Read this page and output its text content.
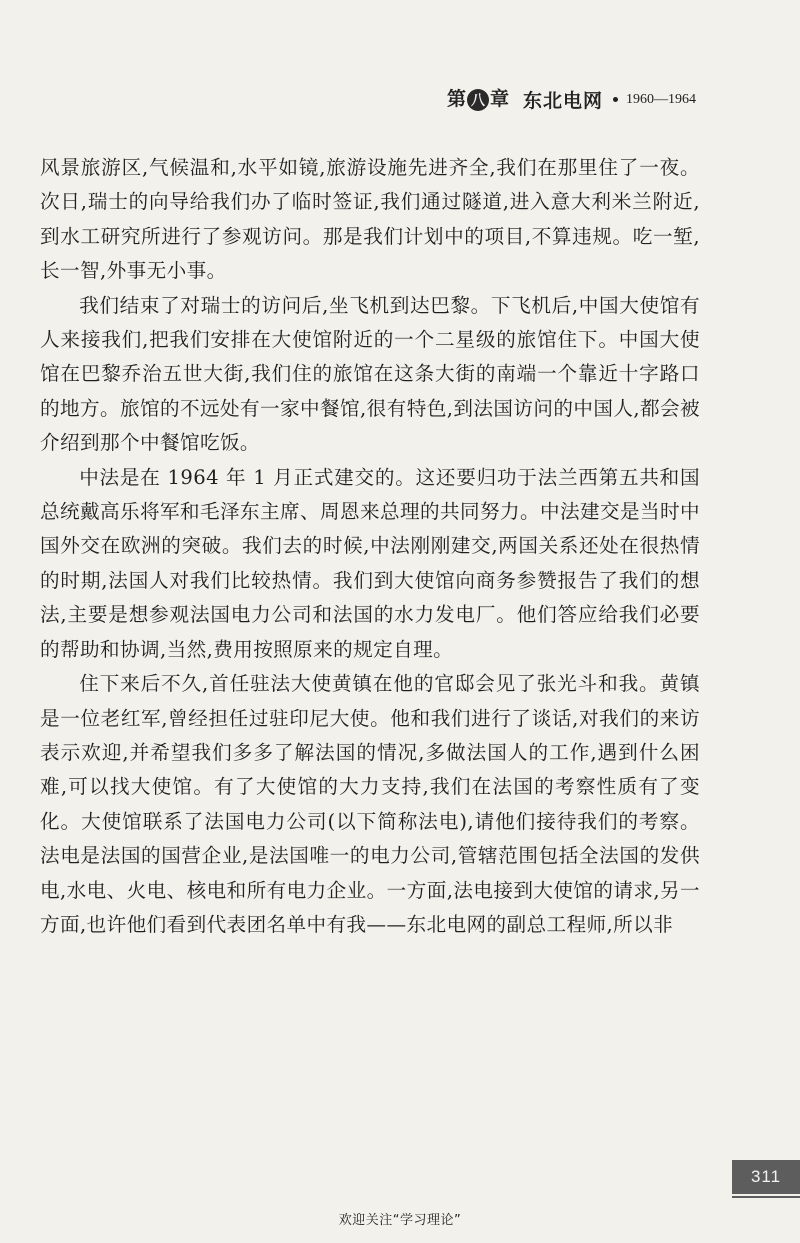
第 八 章 东北电网 1960—1964

风景旅游区,气候温和,水平如镜,旅游设施先进齐全,我们在那里住了一夜。次日,瑞士的向导给我们办了临时签证,我们通过隧道,进入意大利米兰附近,到水工研究所进行了参观访问。那是我们计划中的项目,不算违规。吃一堑,长一智,外事无小事。

我们结束了对瑞士的访问后,坐飞机到达巴黎。下飞机后,中国大使馆有人来接我们,把我们安排在大使馆附近的一个二星级的旅馆住下。中国大使馆在巴黎乔治五世大街,我们住的旅馆在这条大街的南端一个靠近十字路口的地方。旅馆的不远处有一家中餐馆,很有特色,到法国访问的中国人,都会被介绍到那个中餐馆吃饭。

中法是在 1964 年 1 月正式建交的。这还要归功于法兰西第五共和国总统戴高乐将军和毛泽东主席、周恩来总理的共同努力。中法建交是当时中国外交在欧洲的突破。我们去的时候,中法刚刚建交,两国关系还处在很热情的时期,法国人对我们比较热情。我们到大使馆向商务参赞报告了我们的想法,主要是想参观法国电力公司和法国的水力发电厂。他们答应给我们必要的帮助和协调,当然,费用按照原来的规定自理。

住下来后不久,首任驻法大使黄镇在他的官邸会见了张光斗和我。黄镇是一位老红军,曾经担任过驻印尼大使。他和我们进行了谈话,对我们的来访表示欢迎,并希望我们多多了解法国的情况,多做法国人的工作,遇到什么困难,可以找大使馆。有了大使馆的大力支持,我们在法国的考察性质有了变化。大使馆联系了法国电力公司(以下简称法电),请他们接待我们的考察。法电是法国的国营企业,是法国唯一的电力公司,管辖范围包括全法国的发供电,水电、火电、核电和所有电力企业。一方面,法电接到大使馆的请求,另一方面,也许他们看到代表团名单中有我——东北电网的副总工程师,所以非

311
欢迎关注“学习理论”
